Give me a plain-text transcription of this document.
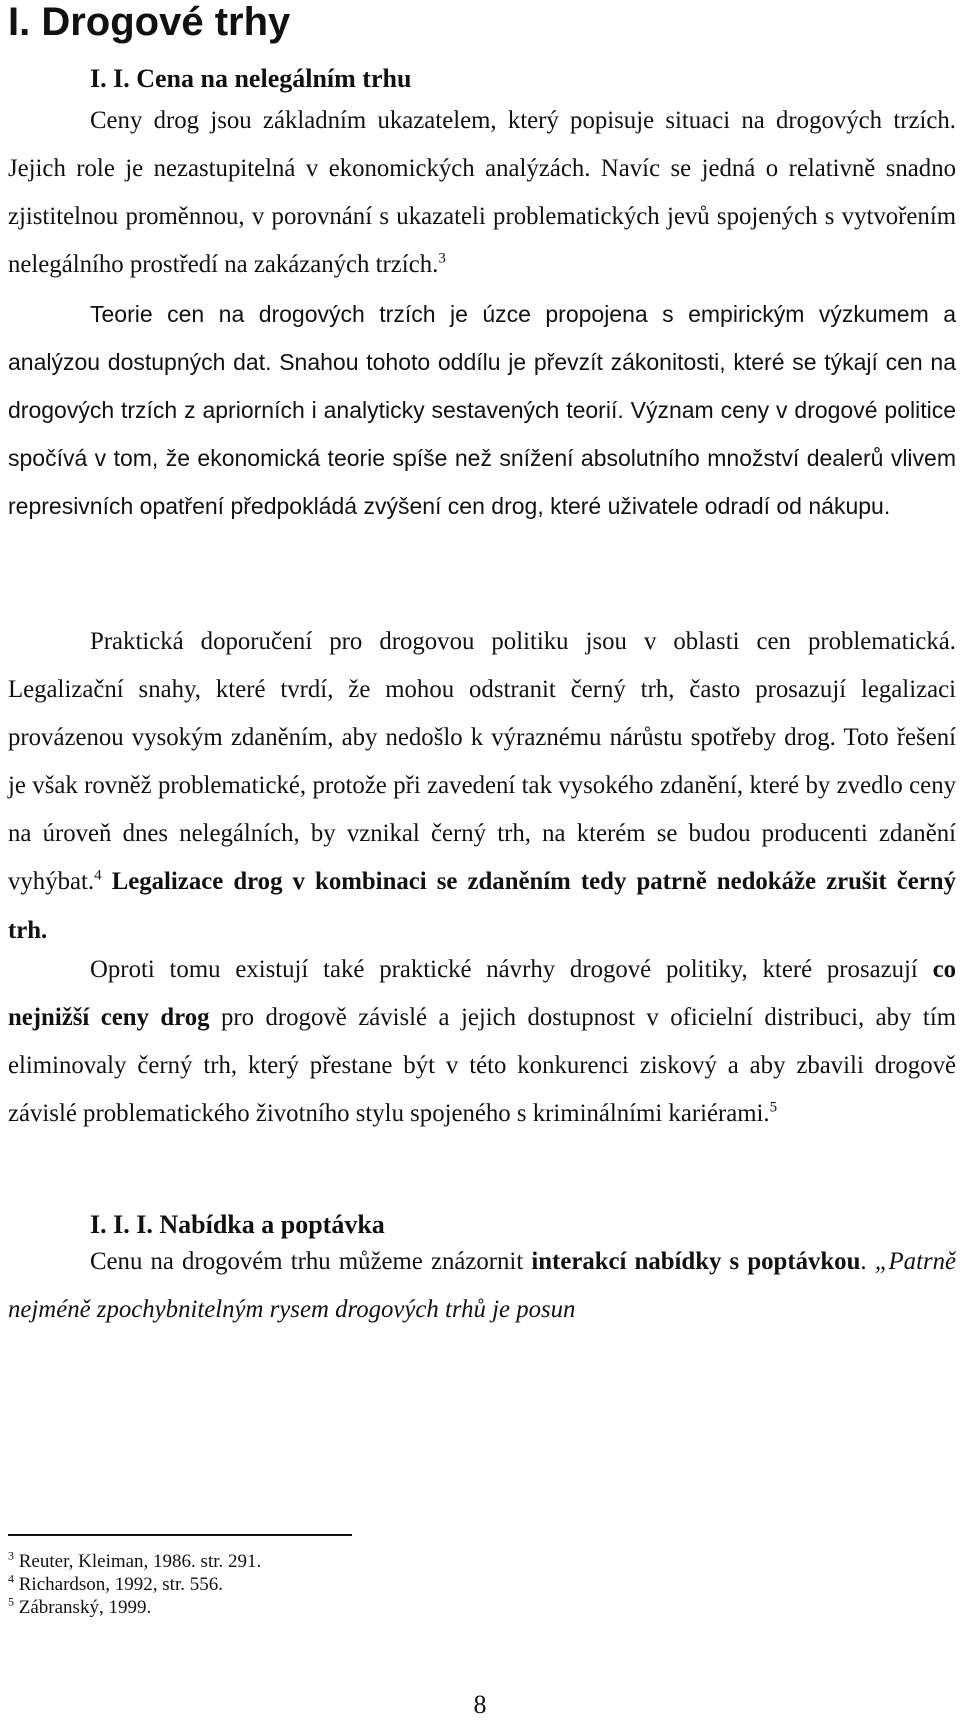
I. Drogové trhy
I. I. Cena na nelegálním trhu

Ceny drog jsou základním ukazatelem, který popisuje situaci na drogových trzích. Jejich role je nezastupitelná v ekonomických analýzách. Navíc se jedná o relativně snadno zjistitelnou proměnnou, v porovnání s ukazateli problematických jevů spojených s vytvořením nelegálního prostředí na zakázaných trzích.$^3$

Teorie cen na drogových trzích je úzce propojena s empirickým výzkumem a analýzou dostupných dat. Snahou tohoto oddílu je převzít zákonitosti, které se týkají cen na drogových trzích z apriorních i analyticky sestavených teorií. Význam ceny v drogové politice spočívá v tom, že ekonomická teorie spíše než snížení absolutního množství dealerů vlivem represivních opatření předpokládá zvýšení cen drog, které uživatele odradí od nákupu.

Praktická doporučení pro drogovou politiku jsou v oblasti cen problematická. Legalizační snahy, které tvrdí, že mohou odstranit černý trh, často prosazují legalizaci provázenou vysokým zdaněním, aby nedošlo k výraznému nárůstu spotřeby drog. Toto řešení je však rovněž problematické, protože při zavedení tak vysokého zdanění, které by zvedlo ceny na úroveň dnes nelegálních, by vznikal černý trh, na kterém se budou producenti zdanění vyhýbat.$^4$ Legalizace drog v kombinaci se zdaněním tedy patrně nedokáže zrušit černý trh.

Oproti tomu existují také praktické návrhy drogové politiky, které prosazují co nejnižší ceny drog pro drogově závislé a jejich dostupnost v oficielní distribuci, aby tím eliminovaly černý trh, který přestane být v této konkurenci ziskový a aby zbavili drogově závislé problematického životního stylu spojeného s kriminálními kariérami.$^5$

I. I. I. Nabídka a poptávka

Cenu na drogovém trhu můžeme znázornit interakcí nabídky s poptávkou. „Patrně nejméně zpochybnitelným rysem drogových trhů je posun

$^3$ Reuter, Kleiman, 1986. str. 291.

$^4$ Richardson, 1992, str. 556.

$^5$ Zábranský, 1999.

8
